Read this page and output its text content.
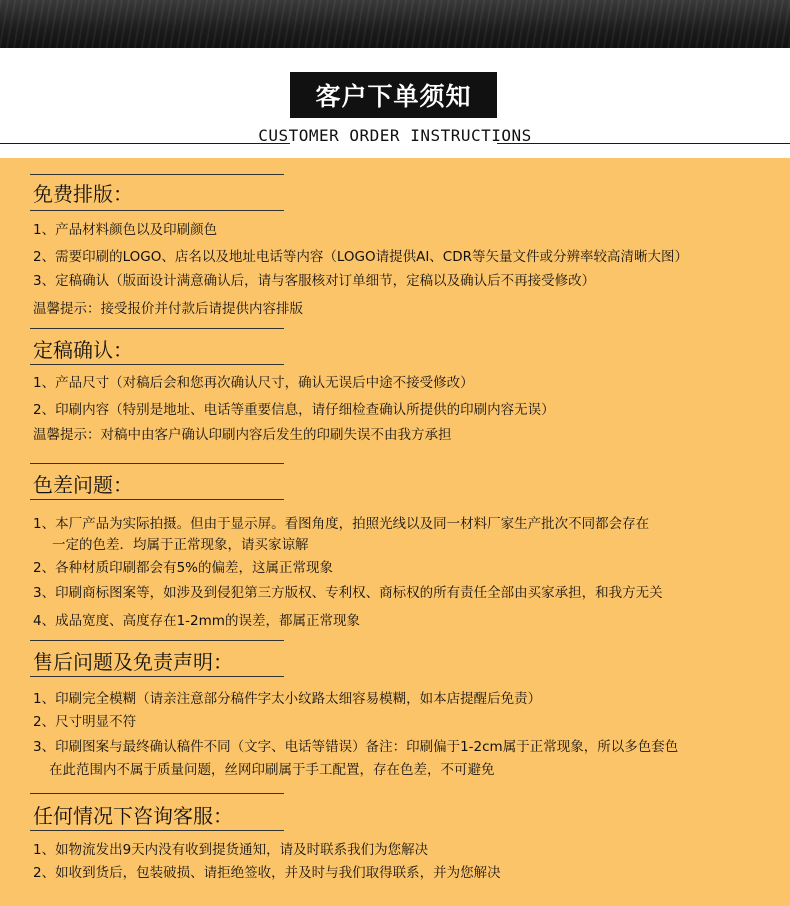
客户下单须知
CUSTOMER ORDER INSTRUCTIONS
免费排版：
1、产品材料颜色以及印刷颜色
2、需要印刷的LOGO、店名以及地址电话等内容（LOGO请提供AI、CDR等矢量文件或分辨率较高清晰大图）
3、定稿确认（版面设计满意确认后，请与客服核对订单细节，定稿以及确认后不再接受修改）
温馨提示：接受报价并付款后请提供内容排版
定稿确认：
1、产品尺寸（对稿后会和您再次确认尺寸，确认无误后中途不接受修改）
2、印刷内容（特别是地址、电话等重要信息，请仔细检查确认所提供的印刷内容无误）
温馨提示：对稿中由客户确认印刷内容后发生的印刷失误不由我方承担
色差问题：
1、本厂产品为实际拍摄。但由于显示屏。看图角度，拍照光线以及同一材料厂家生产批次不同都会存在
一定的色差．均属于正常现象，请买家谅解
2、各种材质印刷都会有5%的偏差，这属正常现象
3、印刷商标图案等，如涉及到侵犯第三方版权、专利权、商标权的所有责任全部由买家承担，和我方无关
4、成品宽度、高度存在1-2mm的误差，都属正常现象
售后问题及免责声明：
1、印刷完全模糊（请亲注意部分稿件字太小纹路太细容易模糊，如本店提醒后免责）
2、尺寸明显不符
3、印刷图案与最终确认稿件不同（文字、电话等错误）备注：印刷偏于1-2cm属于正常现象，所以多色套色
在此范围内不属于质量问题，丝网印刷属于手工配置，存在色差，不可避免
任何情况下咨询客服：
1、如物流发出9天内没有收到提货通知，请及时联系我们为您解决
2、如收到货后，包装破损、请拒绝签收，并及时与我们取得联系，并为您解决
